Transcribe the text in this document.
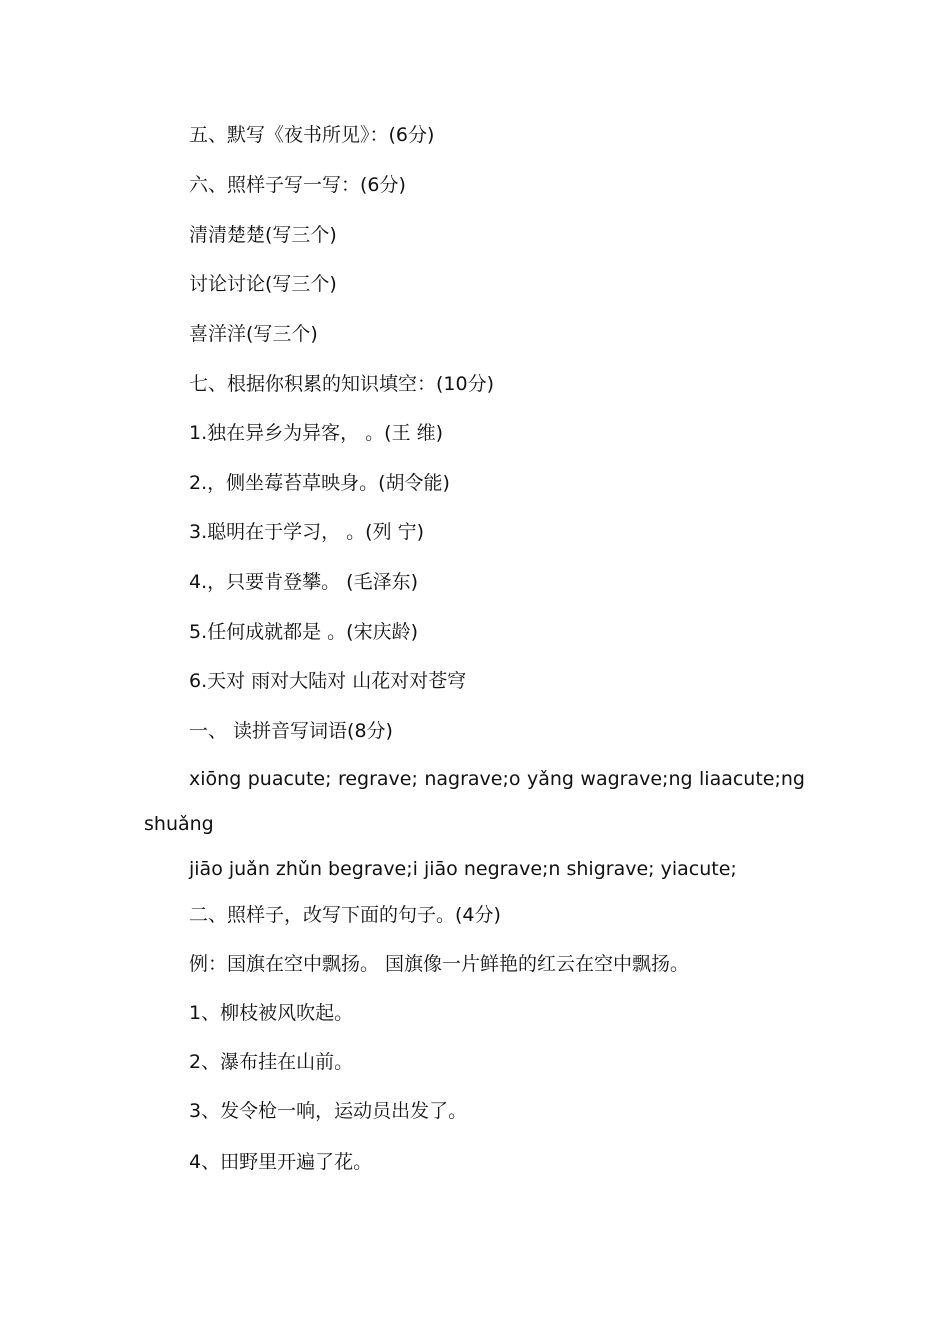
五、默写《夜书所见》：(6分)
六、照样子写一写：(6分)
清清楚楚(写三个)
讨论讨论(写三个)
喜洋洋(写三个)
七、根据你积累的知识填空：(10分)
1.独在异乡为异客， 。(王 维)
2.，侧坐莓苔草映身。(胡令能)
3.聪明在于学习， 。(列 宁)
4.，只要肯登攀。 (毛泽东)
5.任何成就都是 。(宋庆龄)
6.天对 雨对大陆对 山花对对苍穹
一、 读拼音写词语(8分)
xiōng puacute; regrave; nagrave;o yǎng wagrave;ng liaacute;ng
shuǎng
jiāo juǎn zhǔn begrave;i jiāo negrave;n shigrave; yiacute;
二、照样子，改写下面的句子。(4分)
例：国旗在空中飘扬。 国旗像一片鲜艳的红云在空中飘扬。
1、柳枝被风吹起。
2、瀑布挂在山前。
3、发令枪一响，运动员出发了。
4、田野里开遍了花。
